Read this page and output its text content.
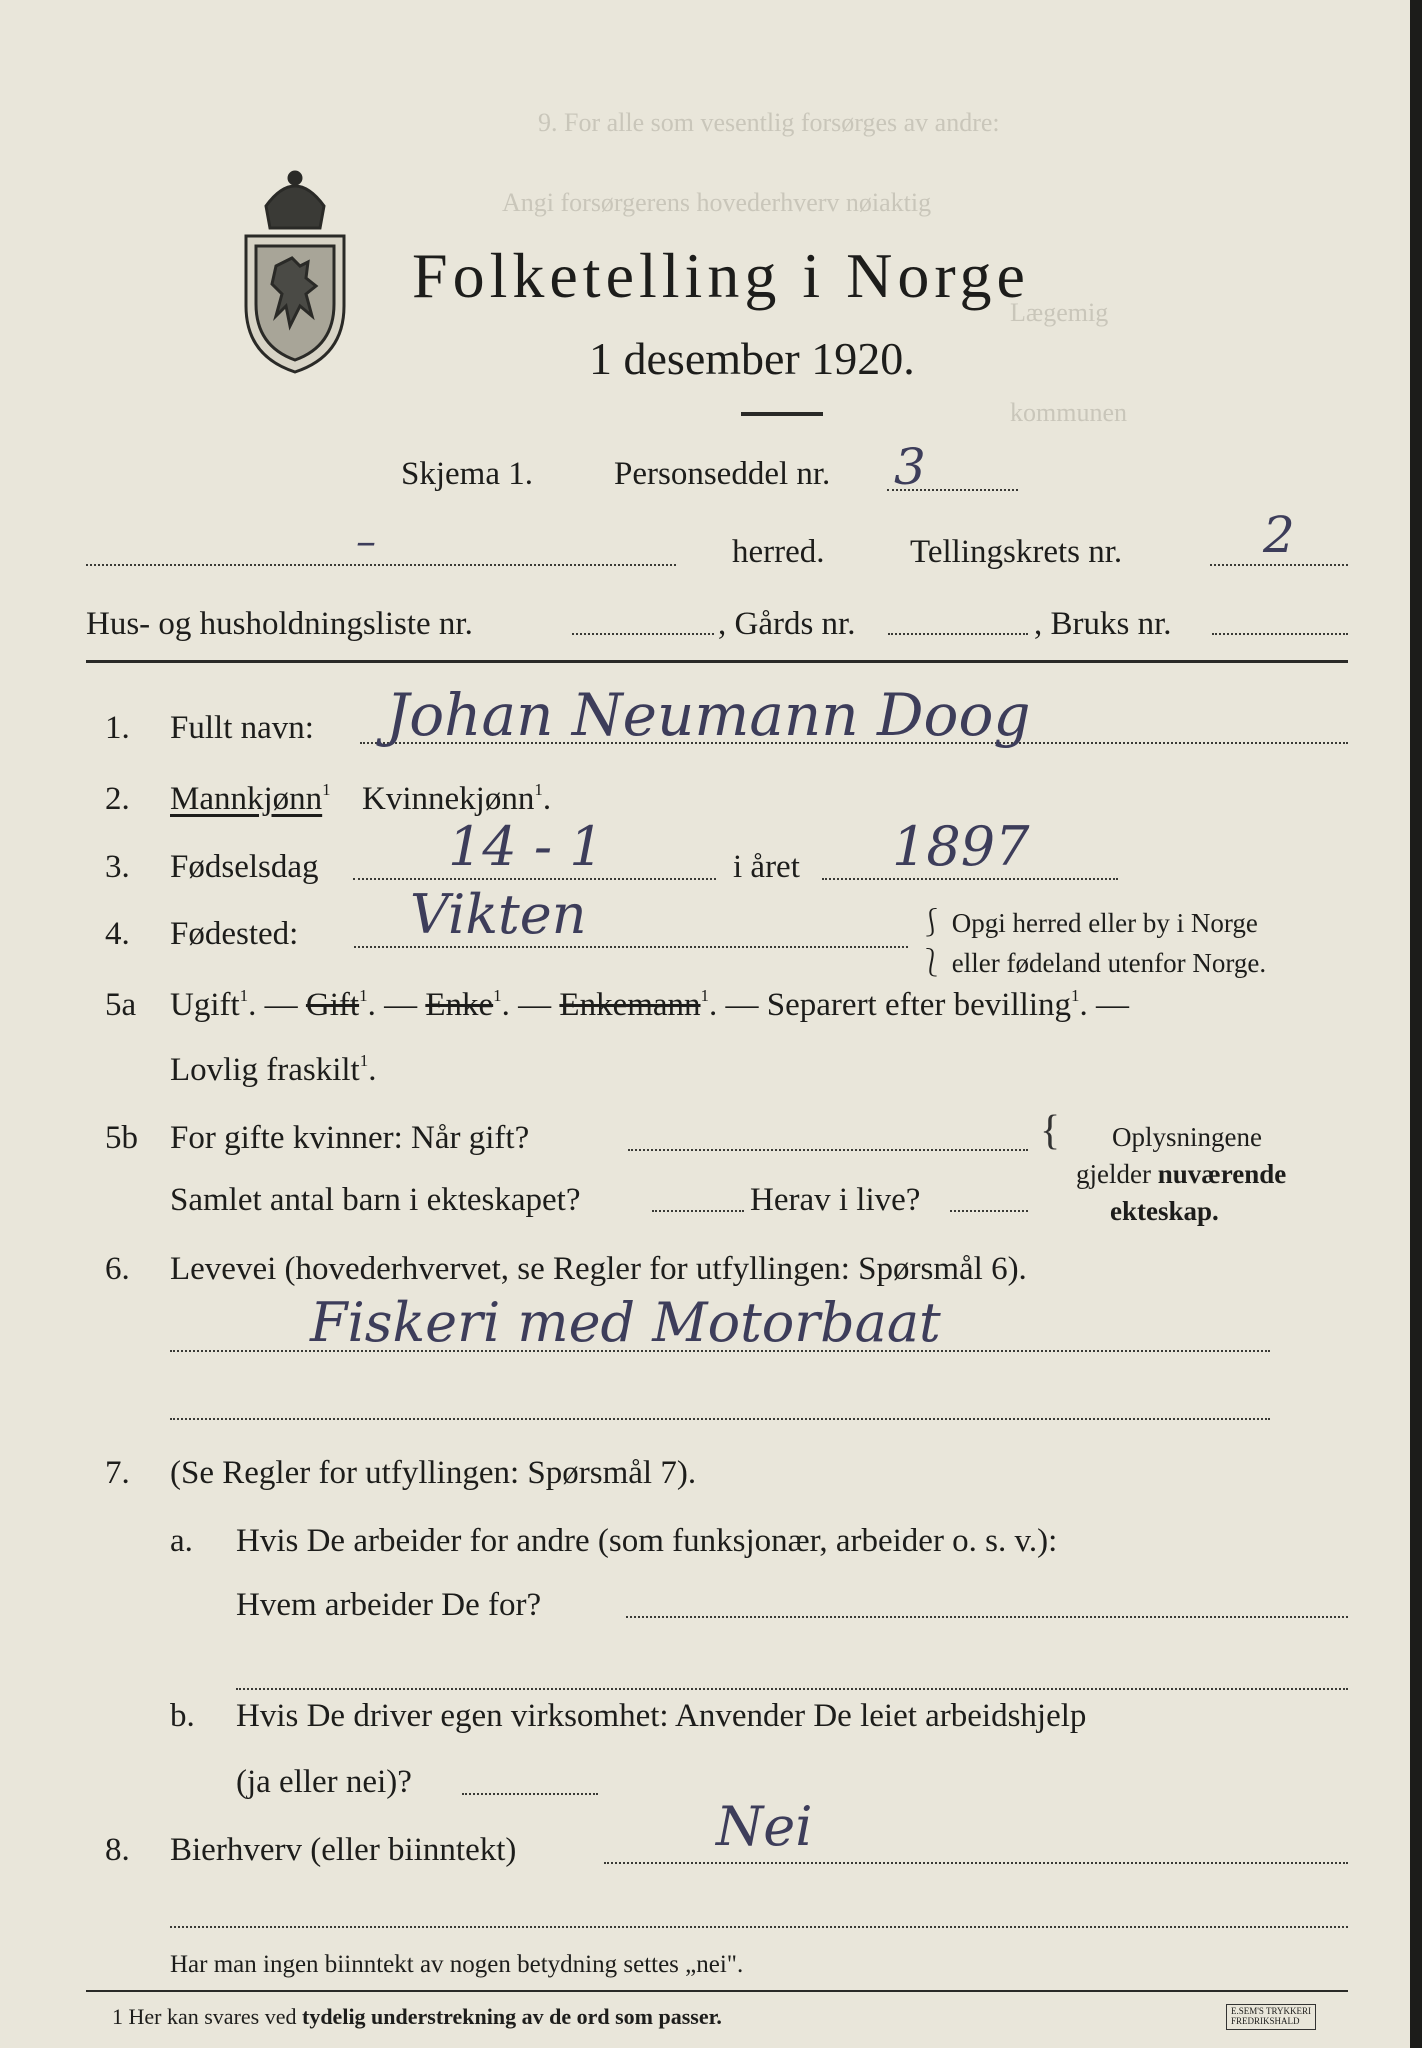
9. For alle som vesentlig forsørges av andre:
Angi forsørgerens hovederhverv nøiaktig
Lægemig
kommunen
Folketelling i Norge
1 desember 1920.
Skjema 1. Personseddel nr. 3
–	herred.	Tellingskrets nr.	2
Hus- og husholdningsliste nr.	, Gårds nr.	, Bruks nr.
1. Fullt navn: Johan Neumann Doog
2. Mannkjønn$^1$ Kvinnekjønn$^1$.
3. Fødselsdag 14 - 1	i året 1897
4. Fødested: Vikten	⎰ Opgi herred eller by i Norge
⎱ eller fødeland utenfor Norge.
5a Ugift$^1$. — Gift$^1$. — Enke$^1$. — Enkemann$^1$. — Separert efter bevilling$^1$. —
Lovlig fraskilt$^1$.
5b For gifte kvinner: Når gift?
Samlet antal barn i ekteskapet?	Herav i live?
{ Oplysningene
gjelder nuværende
ekteskap.
6. Levevei (hovederhvervet, se Regler for utfyllingen: Spørsmål 6).
Fiskeri med Motorbaat
7. (Se Regler for utfyllingen: Spørsmål 7).
a. Hvis De arbeider for andre (som funksjonær, arbeider o. s. v.):
Hvem arbeider De for?
b. Hvis De driver egen virksomhet: Anvender De leiet arbeidshjelp
(ja eller nei)?
8. Bierhverv (eller biinntekt)	Nei
Har man ingen biinntekt av nogen betydning settes „nei".
1 Her kan svares ved tydelig understrekning av de ord som passer.	E.SEM'S TRYKKERI
FREDRIKSHALD
